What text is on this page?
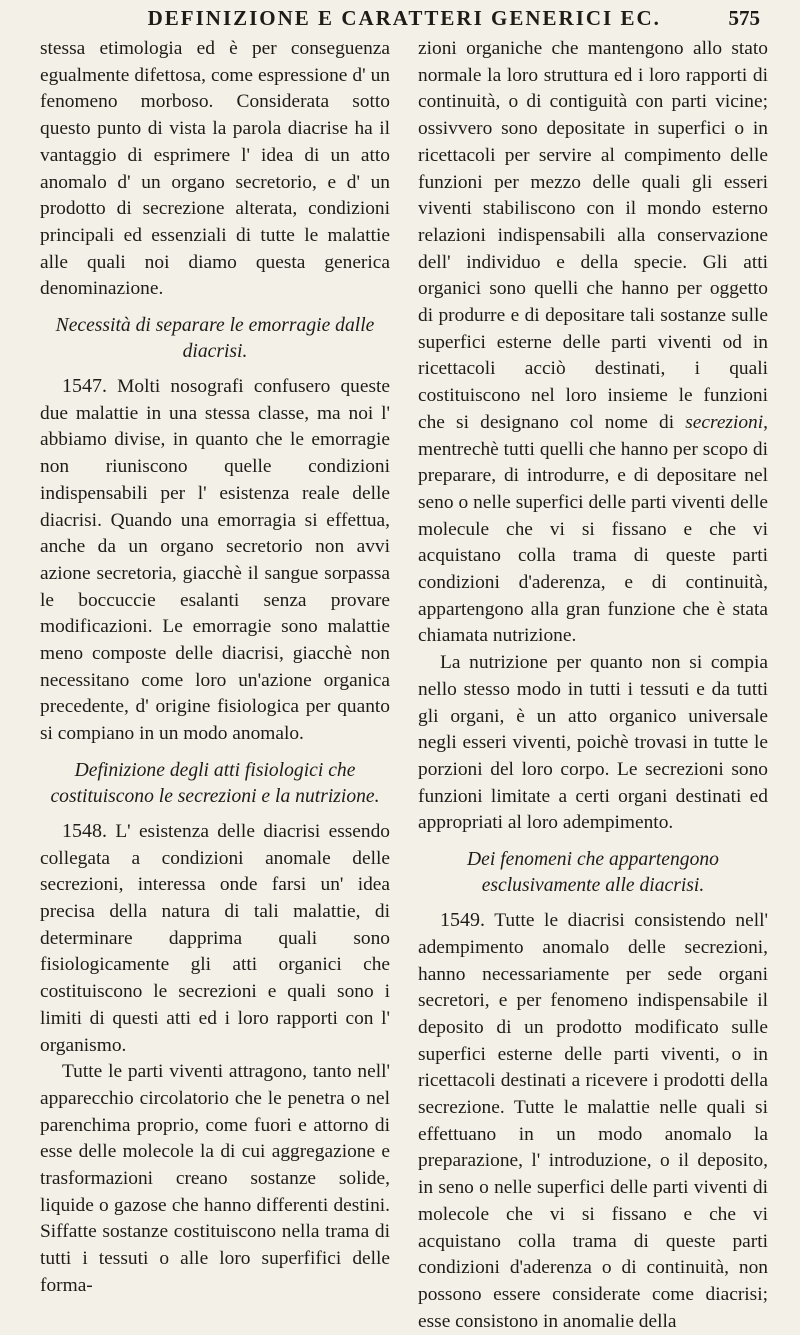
DEFINIZIONE E CARATTERI GENERICI EC.	575

stessa etimologia ed è per conseguenza egualmente difettosa, come espressione d' un fenomeno morboso. Considerata sotto questo punto di vista la parola diacrise ha il vantaggio di esprimere l' idea di un atto anomalo d' un organo secretorio, e d' un prodotto di secrezione alterata, condizioni principali ed essenziali di tutte le malattie alle quali noi diamo questa generica denominazione.

Necessità di separare le emorragie dalle diacrisi.

1547. Molti nosografi confusero queste due malattie in una stessa classe, ma noi l' abbiamo divise, in quanto che le emorragie non riuniscono quelle condizioni indispensabili per l' esistenza reale delle diacrisi. Quando una emorragia si effettua, anche da un organo secretorio non avvi azione secretoria, giacchè il sangue sorpassa le boccuccie esalanti senza provare modificazioni. Le emorragie sono malattie meno composte delle diacrisi, giacchè non necessitano come loro un'azione organica precedente, d' origine fisiologica per quanto si compiano in un modo anomalo.

Definizione degli atti fisiologici che costituiscono le secrezioni e la nutrizione.

1548. L' esistenza delle diacrisi essendo collegata a condizioni anomale delle secrezioni, interessa onde farsi un' idea precisa della natura di tali malattie, di determinare dapprima quali sono fisiologicamente gli atti organici che costituiscono le secrezioni e quali sono i limiti di questi atti ed i loro rapporti con l' organismo.

Tutte le parti viventi attragono, tanto nell' apparecchio circolatorio che le penetra o nel parenchima proprio, come fuori e attorno di esse delle molecole la di cui aggregazione e trasformazioni creano sostanze solide, liquide o gazose che hanno differenti destini. Siffatte sostanze costituiscono nella trama di tutti i tessuti o alle loro superfifici delle forma-

zioni organiche che mantengono allo stato normale la loro struttura ed i loro rapporti di continuità, o di contiguità con parti vicine; ossivvero sono depositate in superfici o in ricettacoli per servire al compimento delle funzioni per mezzo delle quali gli esseri viventi stabiliscono con il mondo esterno relazioni indispensabili alla conservazione dell' individuo e della specie. Gli atti organici sono quelli che hanno per oggetto di produrre e di depositare tali sostanze sulle superfici esterne delle parti viventi od in ricettacoli acciò destinati, i quali costituiscono nel loro insieme le funzioni che si designano col nome di secrezioni, mentrechè tutti quelli che hanno per scopo di preparare, di introdurre, e di depositare nel seno o nelle superfici delle parti viventi delle molecule che vi si fissano e che vi acquistano colla trama di queste parti condizioni d'aderenza, e di continuità, appartengono alla gran funzione che è stata chiamata nutrizione.

La nutrizione per quanto non si compia nello stesso modo in tutti i tessuti e da tutti gli organi, è un atto organico universale negli esseri viventi, poichè trovasi in tutte le porzioni del loro corpo. Le secrezioni sono funzioni limitate a certi organi destinati ed appropriati al loro adempimento.

Dei fenomeni che appartengono esclusivamente alle diacrisi.

1549. Tutte le diacrisi consistendo nell' adempimento anomalo delle secrezioni, hanno necessariamente per sede organi secretori, e per fenomeno indispensabile il deposito di un prodotto modificato sulle superfici esterne delle parti viventi, o in ricettacoli destinati a ricevere i prodotti della secrezione. Tutte le malattie nelle quali si effettuano in un modo anomalo la preparazione, l' introduzione, o il deposito, in seno o nelle superfici delle parti viventi di molecole che vi si fissano e che vi acquistano colla trama di queste parti condizioni d'aderenza o di continuità, non possono essere considerate come diacrisi; esse consistono in anomalie della
